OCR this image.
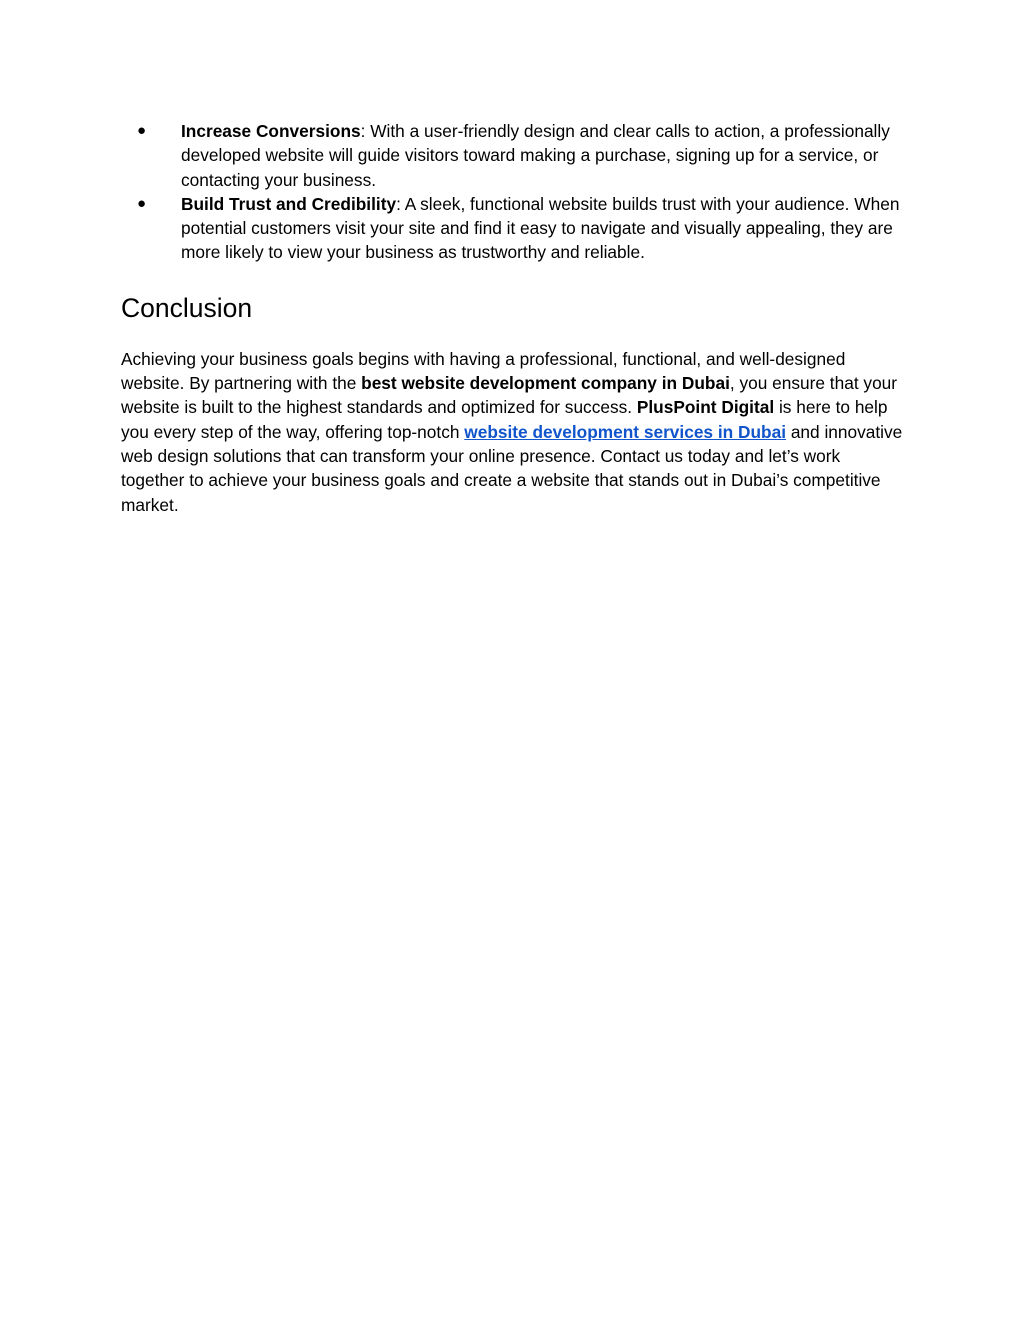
● Increase Conversions: With a user-friendly design and clear calls to action, a professionally developed website will guide visitors toward making a purchase, signing up for a service, or contacting your business.
● Build Trust and Credibility: A sleek, functional website builds trust with your audience. When potential customers visit your site and find it easy to navigate and visually appealing, they are more likely to view your business as trustworthy and reliable.
Conclusion

Achieving your business goals begins with having a professional, functional, and well-designed website. By partnering with the best website development company in Dubai, you ensure that your website is built to the highest standards and optimized for success. PlusPoint Digital is here to help you every step of the way, offering top-notch website development services in Dubai and innovative web design solutions that can transform your online presence. Contact us today and let’s work together to achieve your business goals and create a website that stands out in Dubai’s competitive market.
